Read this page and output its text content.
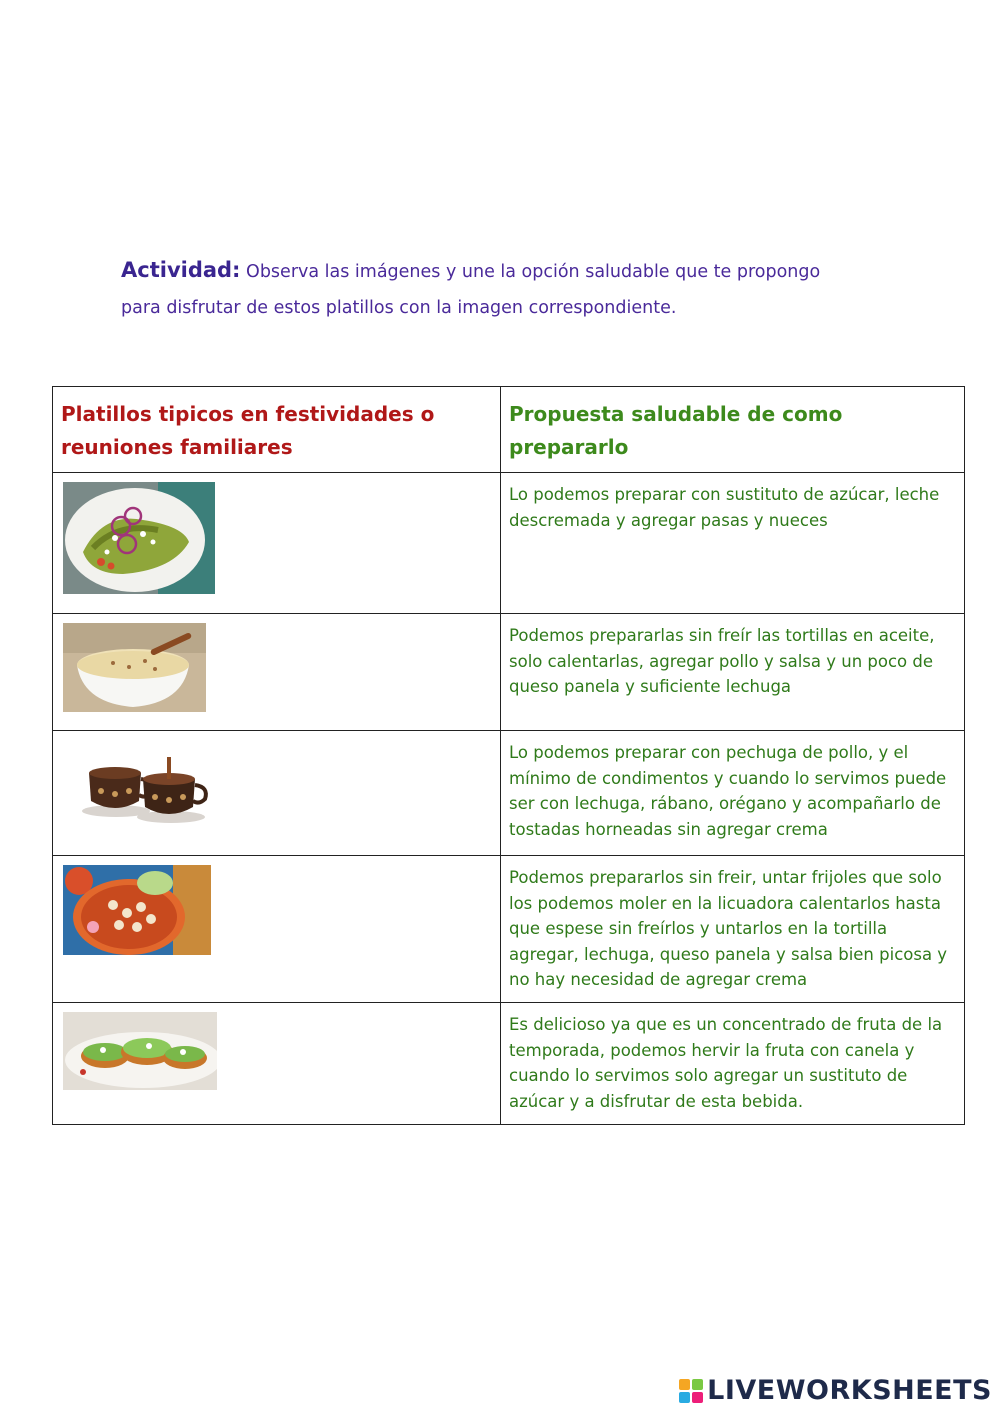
Actividad: Observa las imágenes y une la opción saludable que te propongo
para disfrutar de estos platillos con la imagen correspondiente.
Platillos tipicos en festividades o reuniones familiares	Propuesta saludable de como prepararlo

Lo podemos preparar con sustituto de azúcar, leche descremada y agregar pasas y nueces

Podemos prepararlas sin freír las tortillas en aceite, solo calentarlas, agregar pollo y salsa y un poco de queso panela y suficiente lechuga

Lo podemos preparar con pechuga de pollo, y el mínimo de condimentos y cuando lo servimos puede ser con lechuga, rábano, orégano y acompañarlo de tostadas horneadas sin agregar crema

Podemos prepararlos sin freir, untar frijoles que solo los podemos moler en la licuadora calentarlos hasta que espese sin freírlos y untarlos en la tortilla agregar, lechuga, queso panela y salsa bien picosa y no hay necesidad de agregar crema

Es delicioso ya que es un concentrado de fruta de la temporada, podemos hervir la fruta con canela y cuando lo servimos solo agregar un sustituto de azúcar y a disfrutar de esta bebida.
LIVEWORKSHEETS
